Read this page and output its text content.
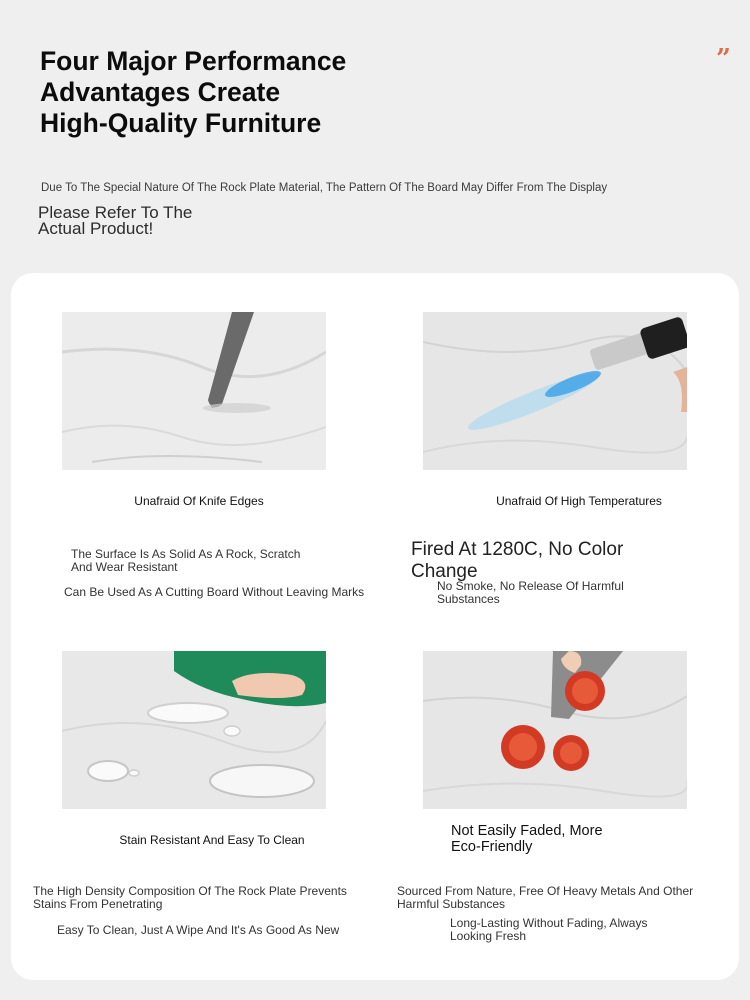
Four Major Performance
Advantages Create
High-Quality Furniture
”
Due To The Special Nature Of The Rock Plate Material, The Pattern Of The Board May Differ From The Display
Please Refer To The
Actual Product!
Unafraid Of Knife Edges
The Surface Is As Solid As A Rock, Scratch
And Wear Resistant
Can Be Used As A Cutting Board Without Leaving Marks
Unafraid Of High Temperatures
Fired At 1280C, No Color
Change
No Smoke, No Release Of Harmful
Substances
Stain Resistant And Easy To Clean
The High Density Composition Of The Rock Plate Prevents
Stains From Penetrating
Easy To Clean, Just A Wipe And It's As Good As New
Not Easily Faded, More
Eco-Friendly
Sourced From Nature, Free Of Heavy Metals And Other
Harmful Substances
Long-Lasting Without Fading, Always
Looking Fresh
